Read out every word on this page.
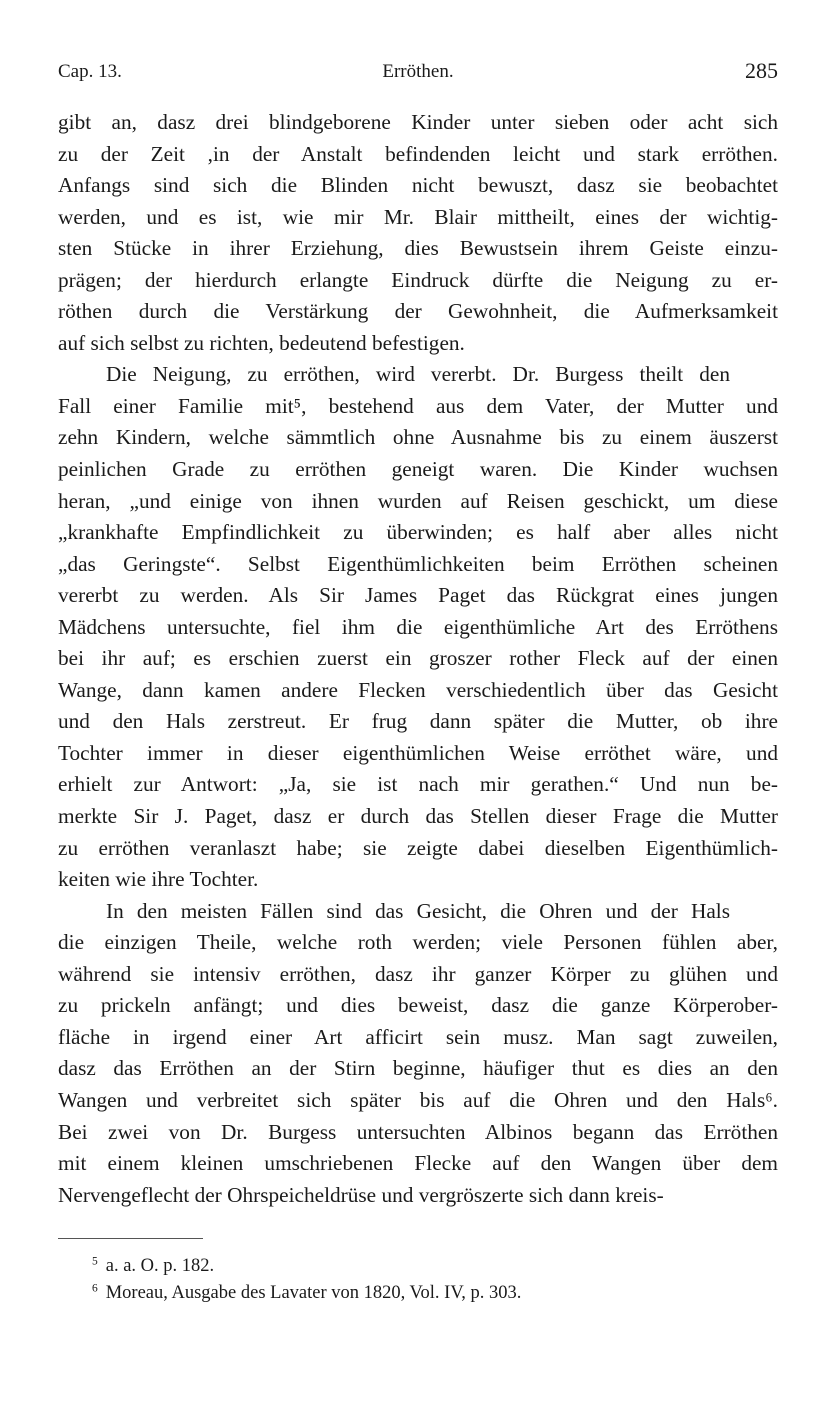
Cap. 13.	Erröthen.	285
gibt an, dasz drei blindgeborene Kinder unter sieben oder acht sich
zu der Zeit ,in der Anstalt befindenden leicht und stark erröthen.
Anfangs sind sich die Blinden nicht bewuszt, dasz sie beobachtet
werden, und es ist, wie mir Mr. Blair mittheilt, eines der wichtig-
sten Stücke in ihrer Erziehung, dies Bewustsein ihrem Geiste einzu-
prägen; der hierdurch erlangte Eindruck dürfte die Neigung zu er-
röthen durch die Verstärkung der Gewohnheit, die Aufmerksamkeit
auf sich selbst zu richten, bedeutend befestigen.
Die Neigung, zu erröthen, wird vererbt. Dr. Burgess theilt den
Fall einer Familie mit⁵, bestehend aus dem Vater, der Mutter und
zehn Kindern, welche sämmtlich ohne Ausnahme bis zu einem äuszerst
peinlichen Grade zu erröthen geneigt waren. Die Kinder wuchsen
heran, „und einige von ihnen wurden auf Reisen geschickt, um diese
„krankhafte Empfindlichkeit zu überwinden; es half aber alles nicht
„das Geringste“. Selbst Eigenthümlichkeiten beim Erröthen scheinen
vererbt zu werden. Als Sir James Paget das Rückgrat eines jungen
Mädchens untersuchte, fiel ihm die eigenthümliche Art des Erröthens
bei ihr auf; es erschien zuerst ein groszer rother Fleck auf der einen
Wange, dann kamen andere Flecken verschiedentlich über das Gesicht
und den Hals zerstreut. Er frug dann später die Mutter, ob ihre
Tochter immer in dieser eigenthümlichen Weise erröthet wäre, und
erhielt zur Antwort: „Ja, sie ist nach mir gerathen.“ Und nun be-
merkte Sir J. Paget, dasz er durch das Stellen dieser Frage die Mutter
zu erröthen veranlaszt habe; sie zeigte dabei dieselben Eigenthümlich-
keiten wie ihre Tochter.
In den meisten Fällen sind das Gesicht, die Ohren und der Hals
die einzigen Theile, welche roth werden; viele Personen fühlen aber,
während sie intensiv erröthen, dasz ihr ganzer Körper zu glühen und
zu prickeln anfängt; und dies beweist, dasz die ganze Körperober-
fläche in irgend einer Art afficirt sein musz. Man sagt zuweilen,
dasz das Erröthen an der Stirn beginne, häufiger thut es dies an den
Wangen und verbreitet sich später bis auf die Ohren und den Hals⁶.
Bei zwei von Dr. Burgess untersuchten Albinos begann das Erröthen
mit einem kleinen umschriebenen Flecke auf den Wangen über dem
Nervengeflecht der Ohrspeicheldrüse und vergröszerte sich dann kreis-
$^5$ a. a. O. p. 182.
$^6$ Moreau, Ausgabe des Lavater von 1820, Vol. IV, p. 303.
